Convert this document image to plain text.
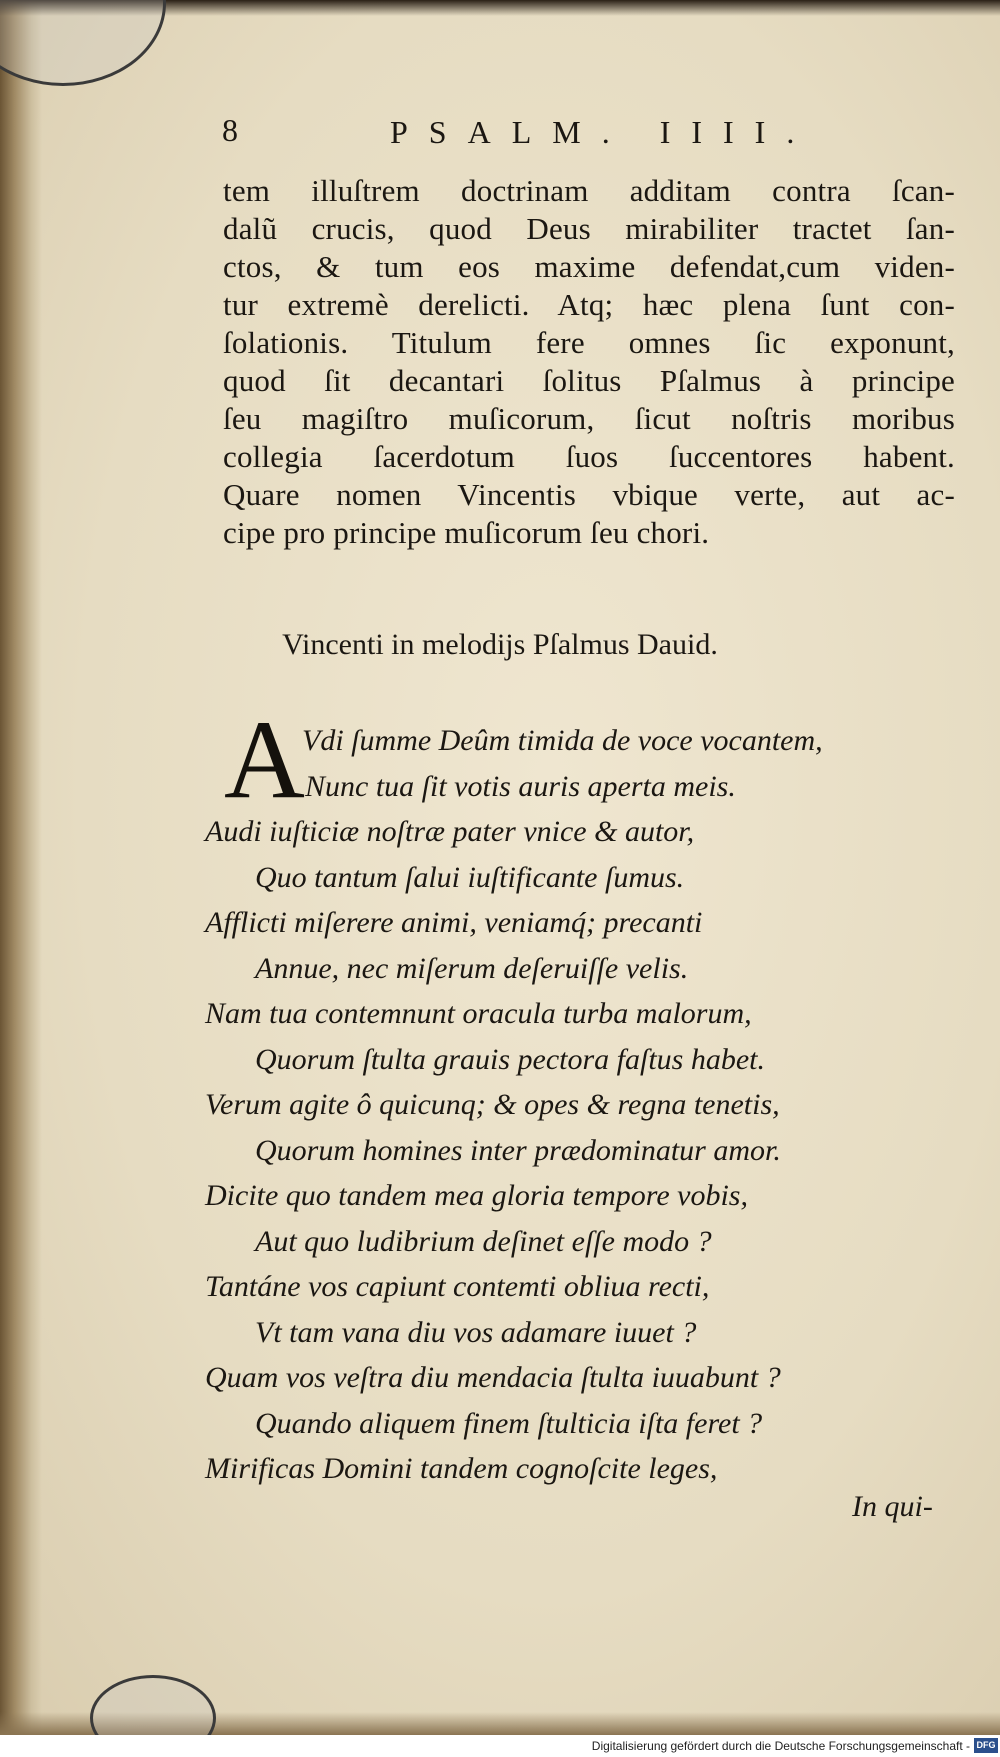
8	PSALM. IIII.
tem illuſtrem doctrinam additam contra ſcan-
dalũ crucis, quod Deus mirabiliter tractet ſan-
ctos, & tum eos maxime defendat,cum viden-
tur extremè derelicti. Atq; hæc plena ſunt con-
ſolationis. Titulum fere omnes ſic exponunt,
quod ſit decantari ſolitus Pſalmus à principe
ſeu magiſtro muſicorum, ſicut noſtris moribus
collegia ſacerdotum ſuos ſuccentores habent.
Quare nomen Vincentis vbique verte, aut ac-
cipe pro principe muſicorum ſeu chori.
Vincenti in melodijs Pſalmus Dauid.
A
Vdi ſumme Deûm timida de voce vocantem,
Nunc tua ſit votis auris aperta meis.
Audi iuſticiæ noſtræ pater vnice & autor,
Quo tantum ſalui iuſtificante ſumus.
Afflicti miſerere animi, veniamq́; precanti
Annue, nec miſerum deſeruiſſe velis.
Nam tua contemnunt oracula turba malorum,
Quorum ſtulta grauis pectora faſtus habet.
Verum agite ô quicunq; & opes & regna tenetis,
Quorum homines inter prædominatur amor.
Dicite quo tandem mea gloria tempore vobis,
Aut quo ludibrium deſinet eſſe modo ?
Tantáne vos capiunt contemti obliua recti,
Vt tam vana diu vos adamare iuuet ?
Quam vos veſtra diu mendacia ſtulta iuuabunt ?
Quando aliquem finem ſtulticia iſta feret ?
Mirificas Domini tandem cognoſcite leges,
In qui-
Digitalisierung gefördert durch die Deutsche Forschungsgemeinschaft - DFG
